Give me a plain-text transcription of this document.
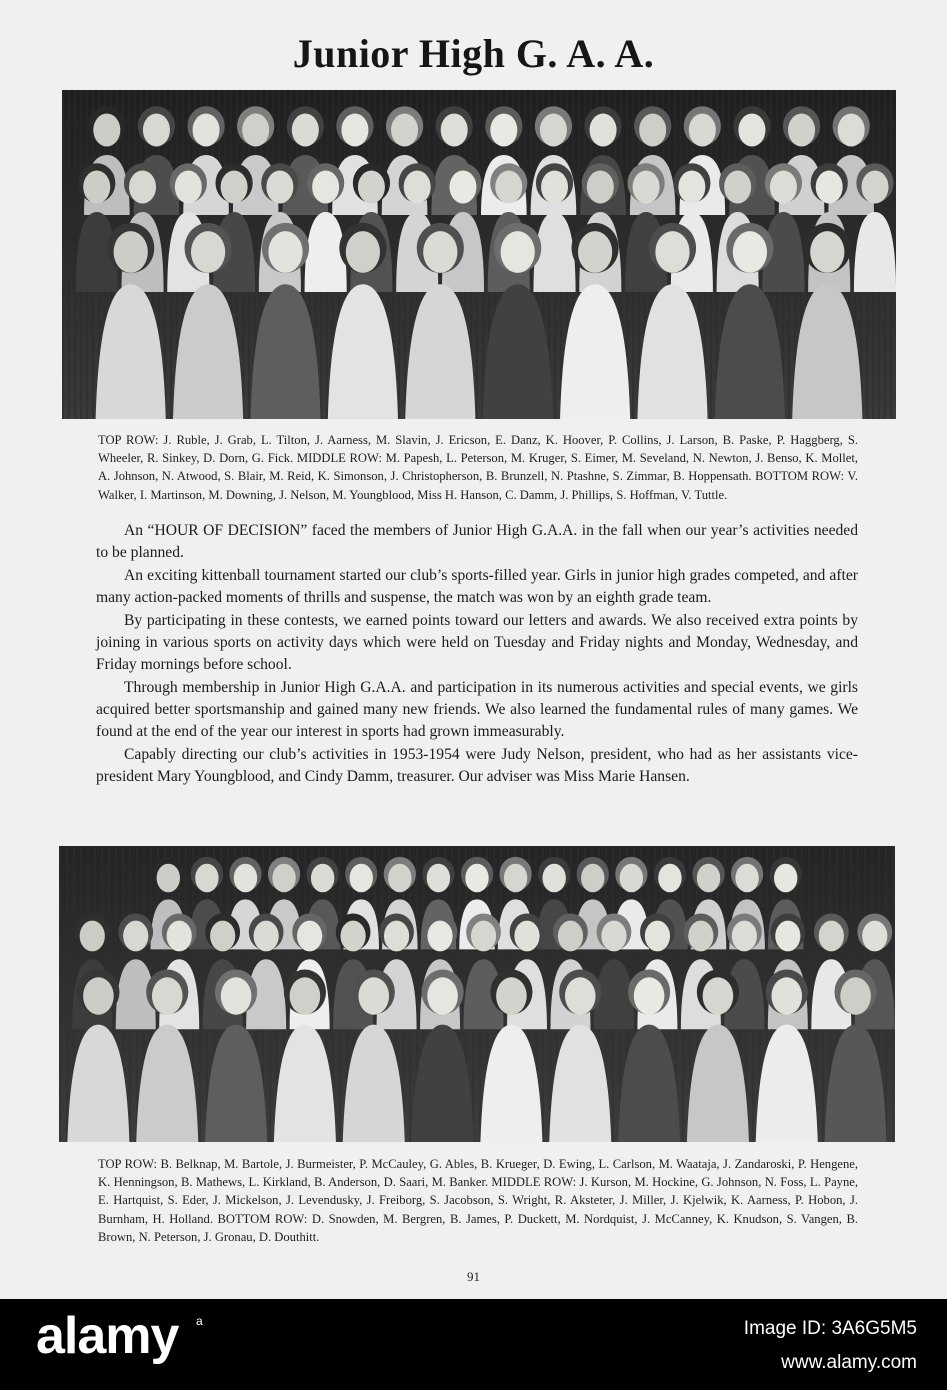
Junior High G. A. A.
TOP ROW: J. Ruble, J. Grab, L. Tilton, J. Aarness, M. Slavin, J. Ericson, E. Danz, K. Hoover, P. Collins, J. Larson, B. Paske, P. Haggberg, S. Wheeler, R. Sinkey, D. Dorn, G. Fick. MIDDLE ROW: M. Papesh, L. Peterson, M. Kruger, S. Eimer, M. Seveland, N. Newton, J. Benso, K. Mollet, A. Johnson, N. Atwood, S. Blair, M. Reid, K. Simonson, J. Christopherson, B. Brunzell, N. Ptashne, S. Zimmar, B. Hoppensath. BOTTOM ROW: V. Walker, I. Martinson, M. Downing, J. Nelson, M. Youngblood, Miss H. Hanson, C. Damm, J. Phillips, S. Hoffman, V. Tuttle.

An “HOUR OF DECISION” faced the members of Junior High G.A.A. in the fall when our year’s activities needed to be planned.

An exciting kittenball tournament started our club’s sports-filled year. Girls in junior high grades competed, and after many action-packed moments of thrills and suspense, the match was won by an eighth grade team.

By participating in these contests, we earned points toward our letters and awards. We also received extra points by joining in various sports on activity days which were held on Tuesday and Friday nights and Monday, Wednesday, and Friday mornings before school.

Through membership in Junior High G.A.A. and participation in its numerous activities and special events, we girls acquired better sportsmanship and gained many new friends. We also learned the fundamental rules of many games. We found at the end of the year our interest in sports had grown immeasurably.

Capably directing our club’s activities in 1953-1954 were Judy Nelson, president, who had as her assistants vice-president Mary Youngblood, and Cindy Damm, treasurer. Our adviser was Miss Marie Hansen.

TOP ROW: B. Belknap, M. Bartole, J. Burmeister, P. McCauley, G. Ables, B. Krueger, D. Ewing, L. Carlson, M. Waataja, J. Zandaroski, P. Hengene, K. Henningson, B. Mathews, L. Kirkland, B. Anderson, D. Saari, M. Banker. MIDDLE ROW: J. Kurson, M. Hockine, G. Johnson, N. Foss, L. Payne, E. Hartquist, S. Eder, J. Mickelson, J. Levendusky, J. Freiborg, S. Jacobson, S. Wright, R. Aksteter, J. Miller, J. Kjelwik, K. Aarness, P. Hobon, J. Burnham, H. Holland. BOTTOM ROW: D. Snowden, M. Bergren, B. James, P. Duckett, M. Nordquist, J. McCanney, K. Knudson, S. Vangen, B. Brown, N. Peterson, J. Gronau, D. Douthitt.
91
alamy a	Image ID: 3A6G5M5
www.alamy.com
